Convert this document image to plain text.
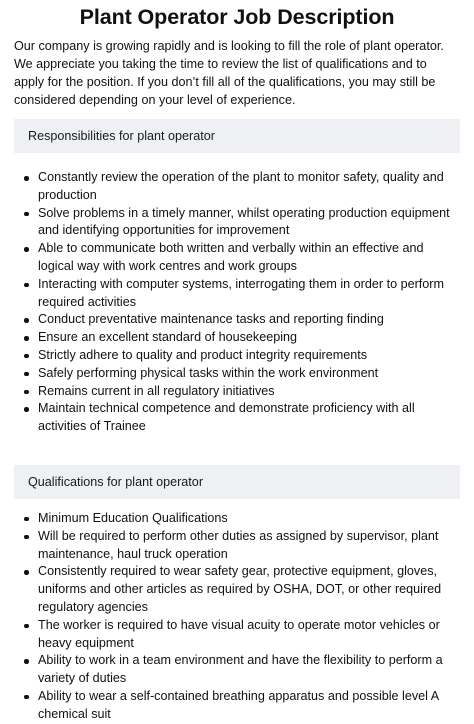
Plant Operator Job Description

Our company is growing rapidly and is looking to fill the role of plant operator. We appreciate you taking the time to review the list of qualifications and to apply for the position. If you don’t fill all of the qualifications, you may still be considered depending on your level of experience.

Responsibilities for plant operator
Constantly review the operation of the plant to monitor safety, quality and production
Solve problems in a timely manner, whilst operating production equipment and identifying opportunities for improvement
Able to communicate both written and verbally within an effective and logical way with work centres and work groups
Interacting with computer systems, interrogating them in order to perform required activities
Conduct preventative maintenance tasks and reporting finding
Ensure an excellent standard of housekeeping
Strictly adhere to quality and product integrity requirements
Safely performing physical tasks within the work environment
Remains current in all regulatory initiatives
Maintain technical competence and demonstrate proficiency with all activities of Trainee
Qualifications for plant operator
Minimum Education Qualifications
Will be required to perform other duties as assigned by supervisor, plant maintenance, haul truck operation
Consistently required to wear safety gear, protective equipment, gloves, uniforms and other articles as required by OSHA, DOT, or other required regulatory agencies
The worker is required to have visual acuity to operate motor vehicles or heavy equipment
Ability to work in a team environment and have the flexibility to perform a variety of duties
Ability to wear a self-contained breathing apparatus and possible level A chemical suit
